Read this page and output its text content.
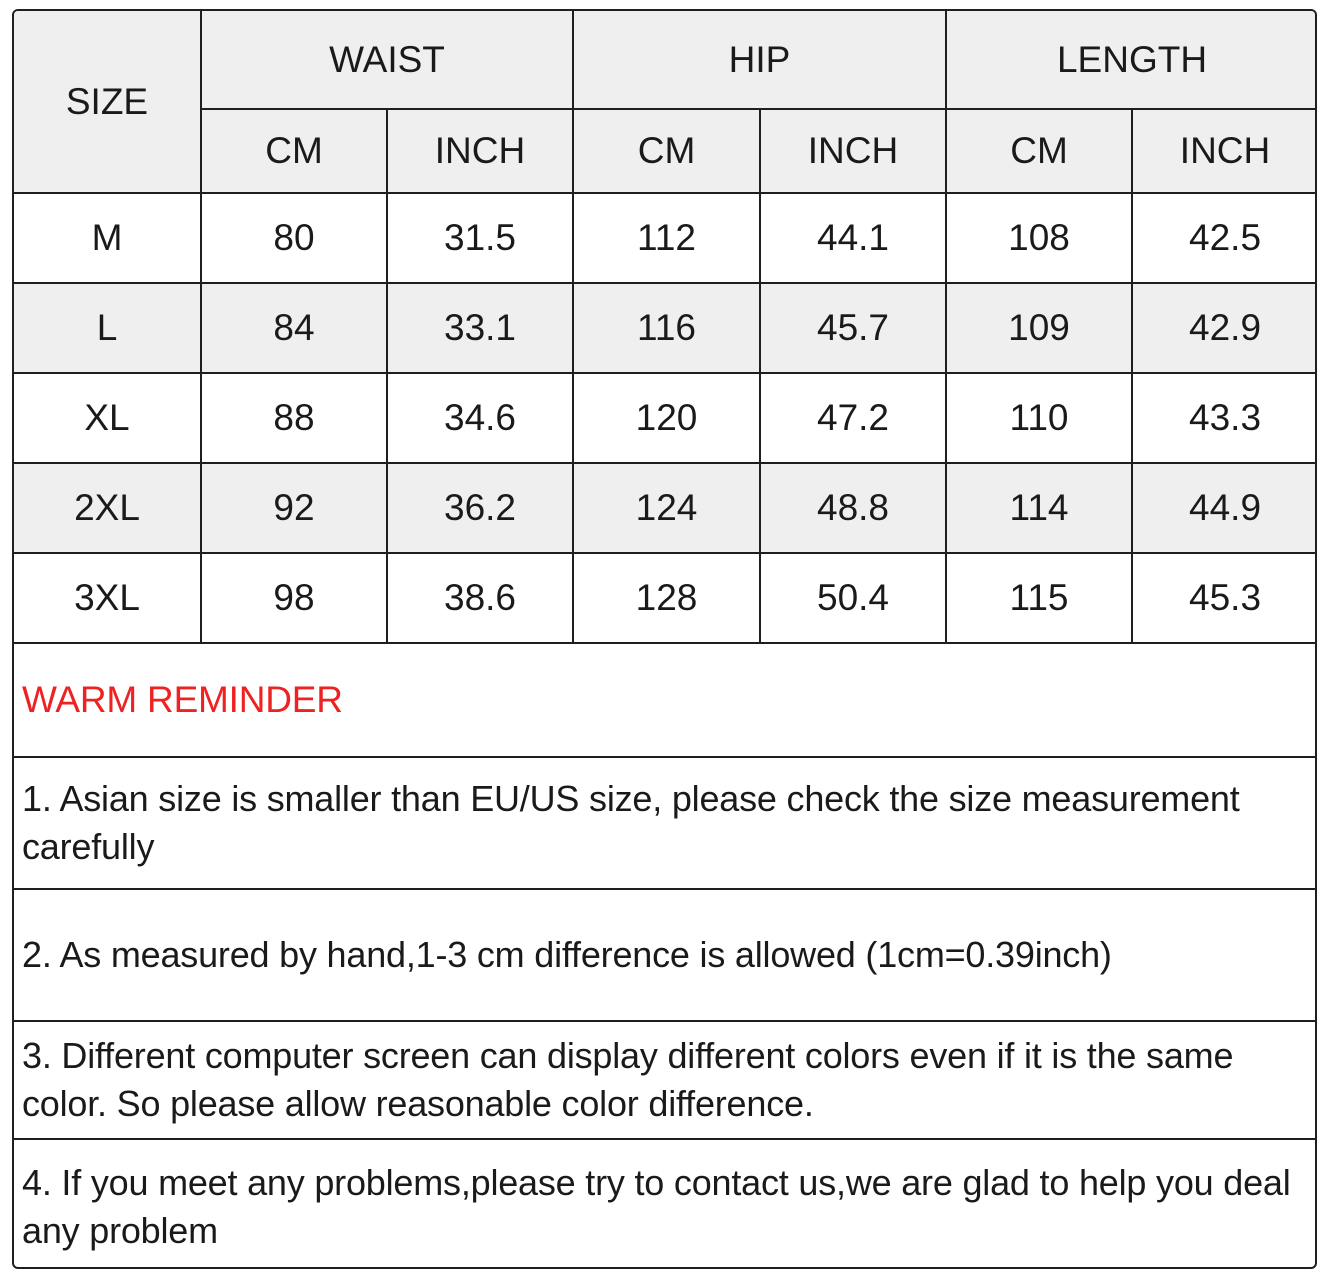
SIZE	WAIST		HIP		LENGTH	
	CM	INCH	CM	INCH	CM	INCH
M	80	31.5	112	44.1	108	42.5
L	84	33.1	116	45.7	109	42.9
XL	88	34.6	120	47.2	110	43.3
2XL	92	36.2	124	48.8	114	44.9
3XL	98	38.6	128	50.4	115	45.3
WARM REMINDER
1. Asian size is smaller than EU/US size, please check the size measurement carefully
2. As measured by hand,1-3 cm difference is allowed (1cm=0.39inch)
3. Different computer screen can display different colors even if it is the same color. So please allow reasonable color difference.
4. If you meet any problems,please try to contact us,we are glad to help you deal any problem
